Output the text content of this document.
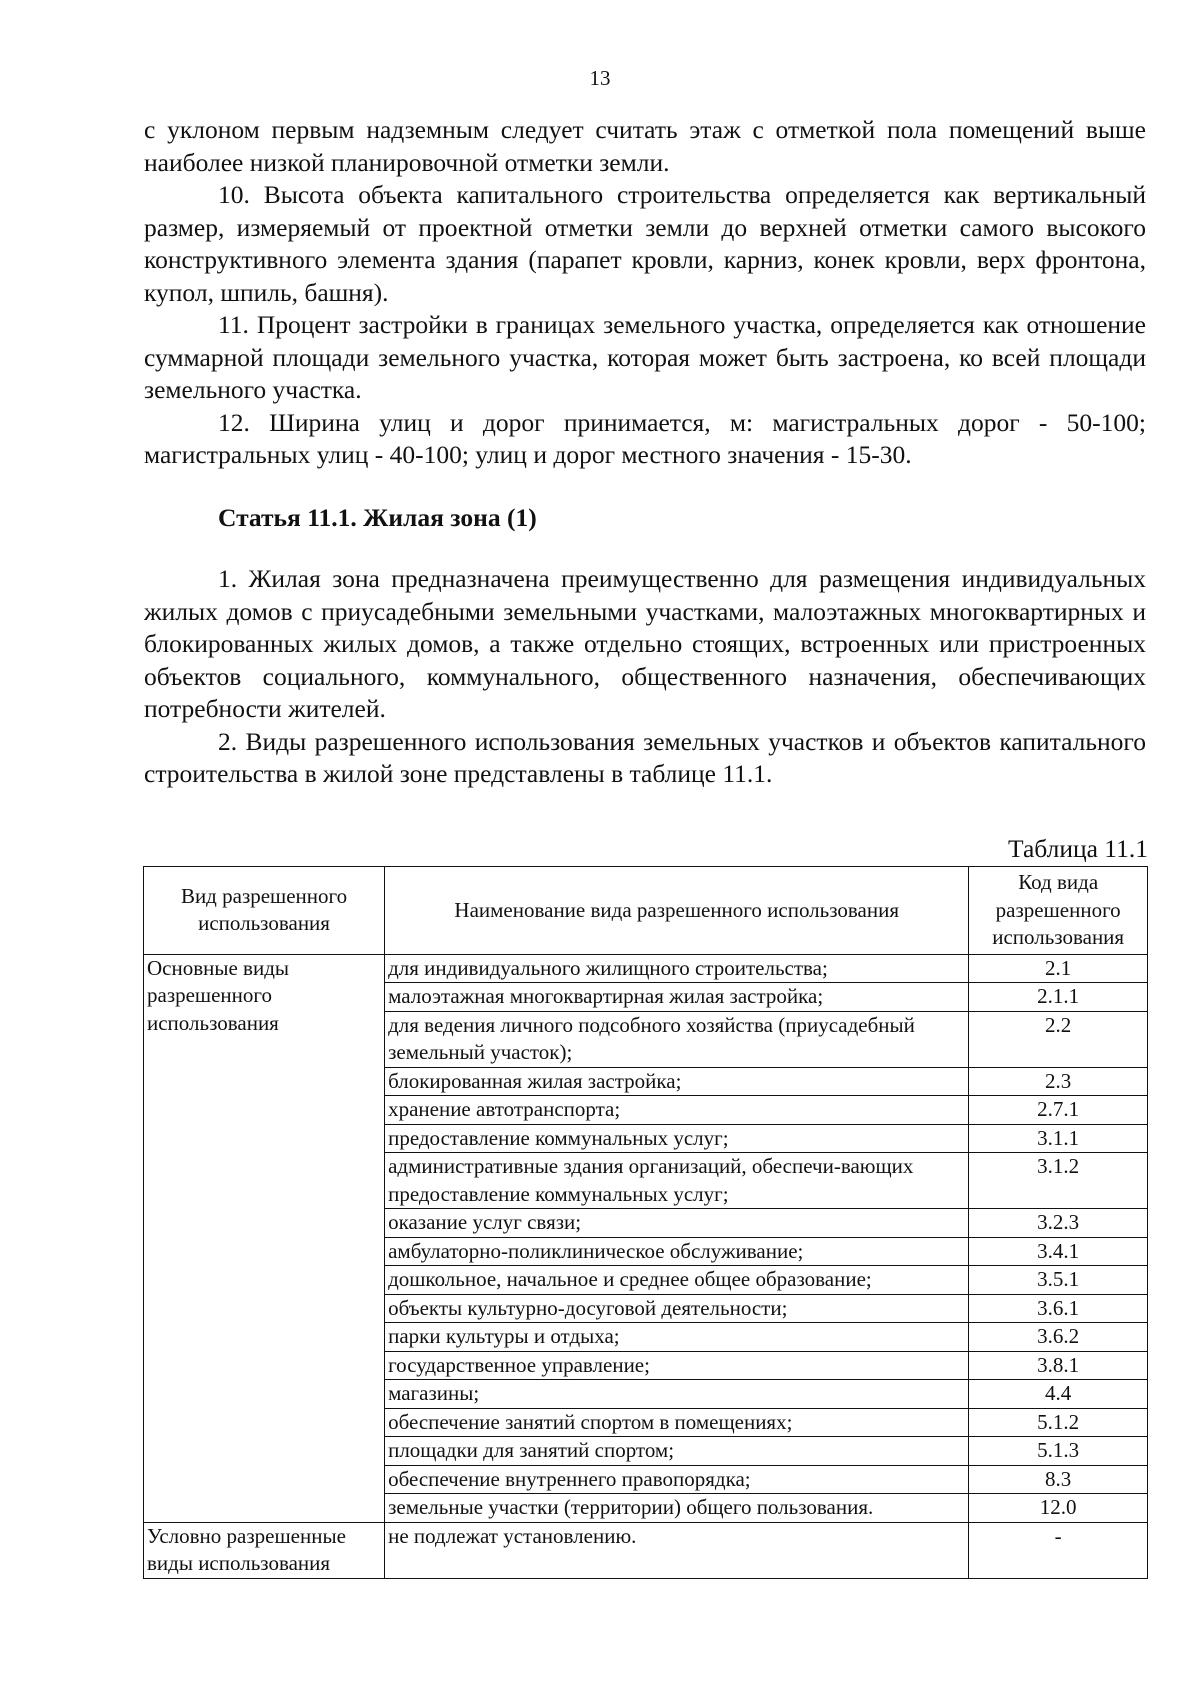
13

с уклоном первым надземным следует считать этаж с отметкой пола помещений выше наиболее низкой планировочной отметки земли.

10. Высота объекта капитального строительства определяется как вертикальный размер, измеряемый от проектной отметки земли до верхней отметки самого высокого конструктивного элемента здания (парапет кровли, карниз, конек кровли, верх фронтона, купол, шпиль, башня).

11. Процент застройки в границах земельного участка, определяется как отношение суммарной площади земельного участка, которая может быть застроена, ко всей площади земельного участка.

12. Ширина улиц и дорог принимается, м: магистральных дорог - 50-100; магистральных улиц - 40-100; улиц и дорог местного значения - 15-30.

Статья 11.1. Жилая зона (1)

1. Жилая зона предназначена преимущественно для размещения индивидуальных жилых домов с приусадебными земельными участками, малоэтажных многоквартирных и блокированных жилых домов, а также отдельно стоящих, встроенных или пристроенных объектов социального, коммунального, общественного назначения, обеспечивающих потребности жителей.

2. Виды разрешенного использования земельных участков и объектов капитального строительства в жилой зоне представлены в таблице 11.1.

Таблица 11.1
Вид разрешенного использования	Наименование вида разрешенного использования	Код вида разрешенного использования
Основные виды разрешенного использования	для индивидуального жилищного строительства;	2.1
	малоэтажная многоквартирная жилая застройка;	2.1.1
	для ведения личного подсобного хозяйства (приусадебный земельный участок);	2.2
	блокированная жилая застройка;	2.3
	хранение автотранспорта;	2.7.1
	предоставление коммунальных услуг;	3.1.1
	административные здания организаций, обеспечи-вающих предоставление коммунальных услуг;	3.1.2
	оказание услуг связи;	3.2.3
	амбулаторно-поликлиническое обслуживание;	3.4.1
	дошкольное, начальное и среднее общее образование;	3.5.1
	объекты культурно-досуговой деятельности;	3.6.1
	парки культуры и отдыха;	3.6.2
	государственное управление;	3.8.1
	магазины;	4.4
	обеспечение занятий спортом в помещениях;	5.1.2
	площадки для занятий спортом;	5.1.3
	обеспечение внутреннего правопорядка;	8.3
	земельные участки (территории) общего пользования.	12.0
Условно разрешенные виды использования	не подлежат установлению.	-
